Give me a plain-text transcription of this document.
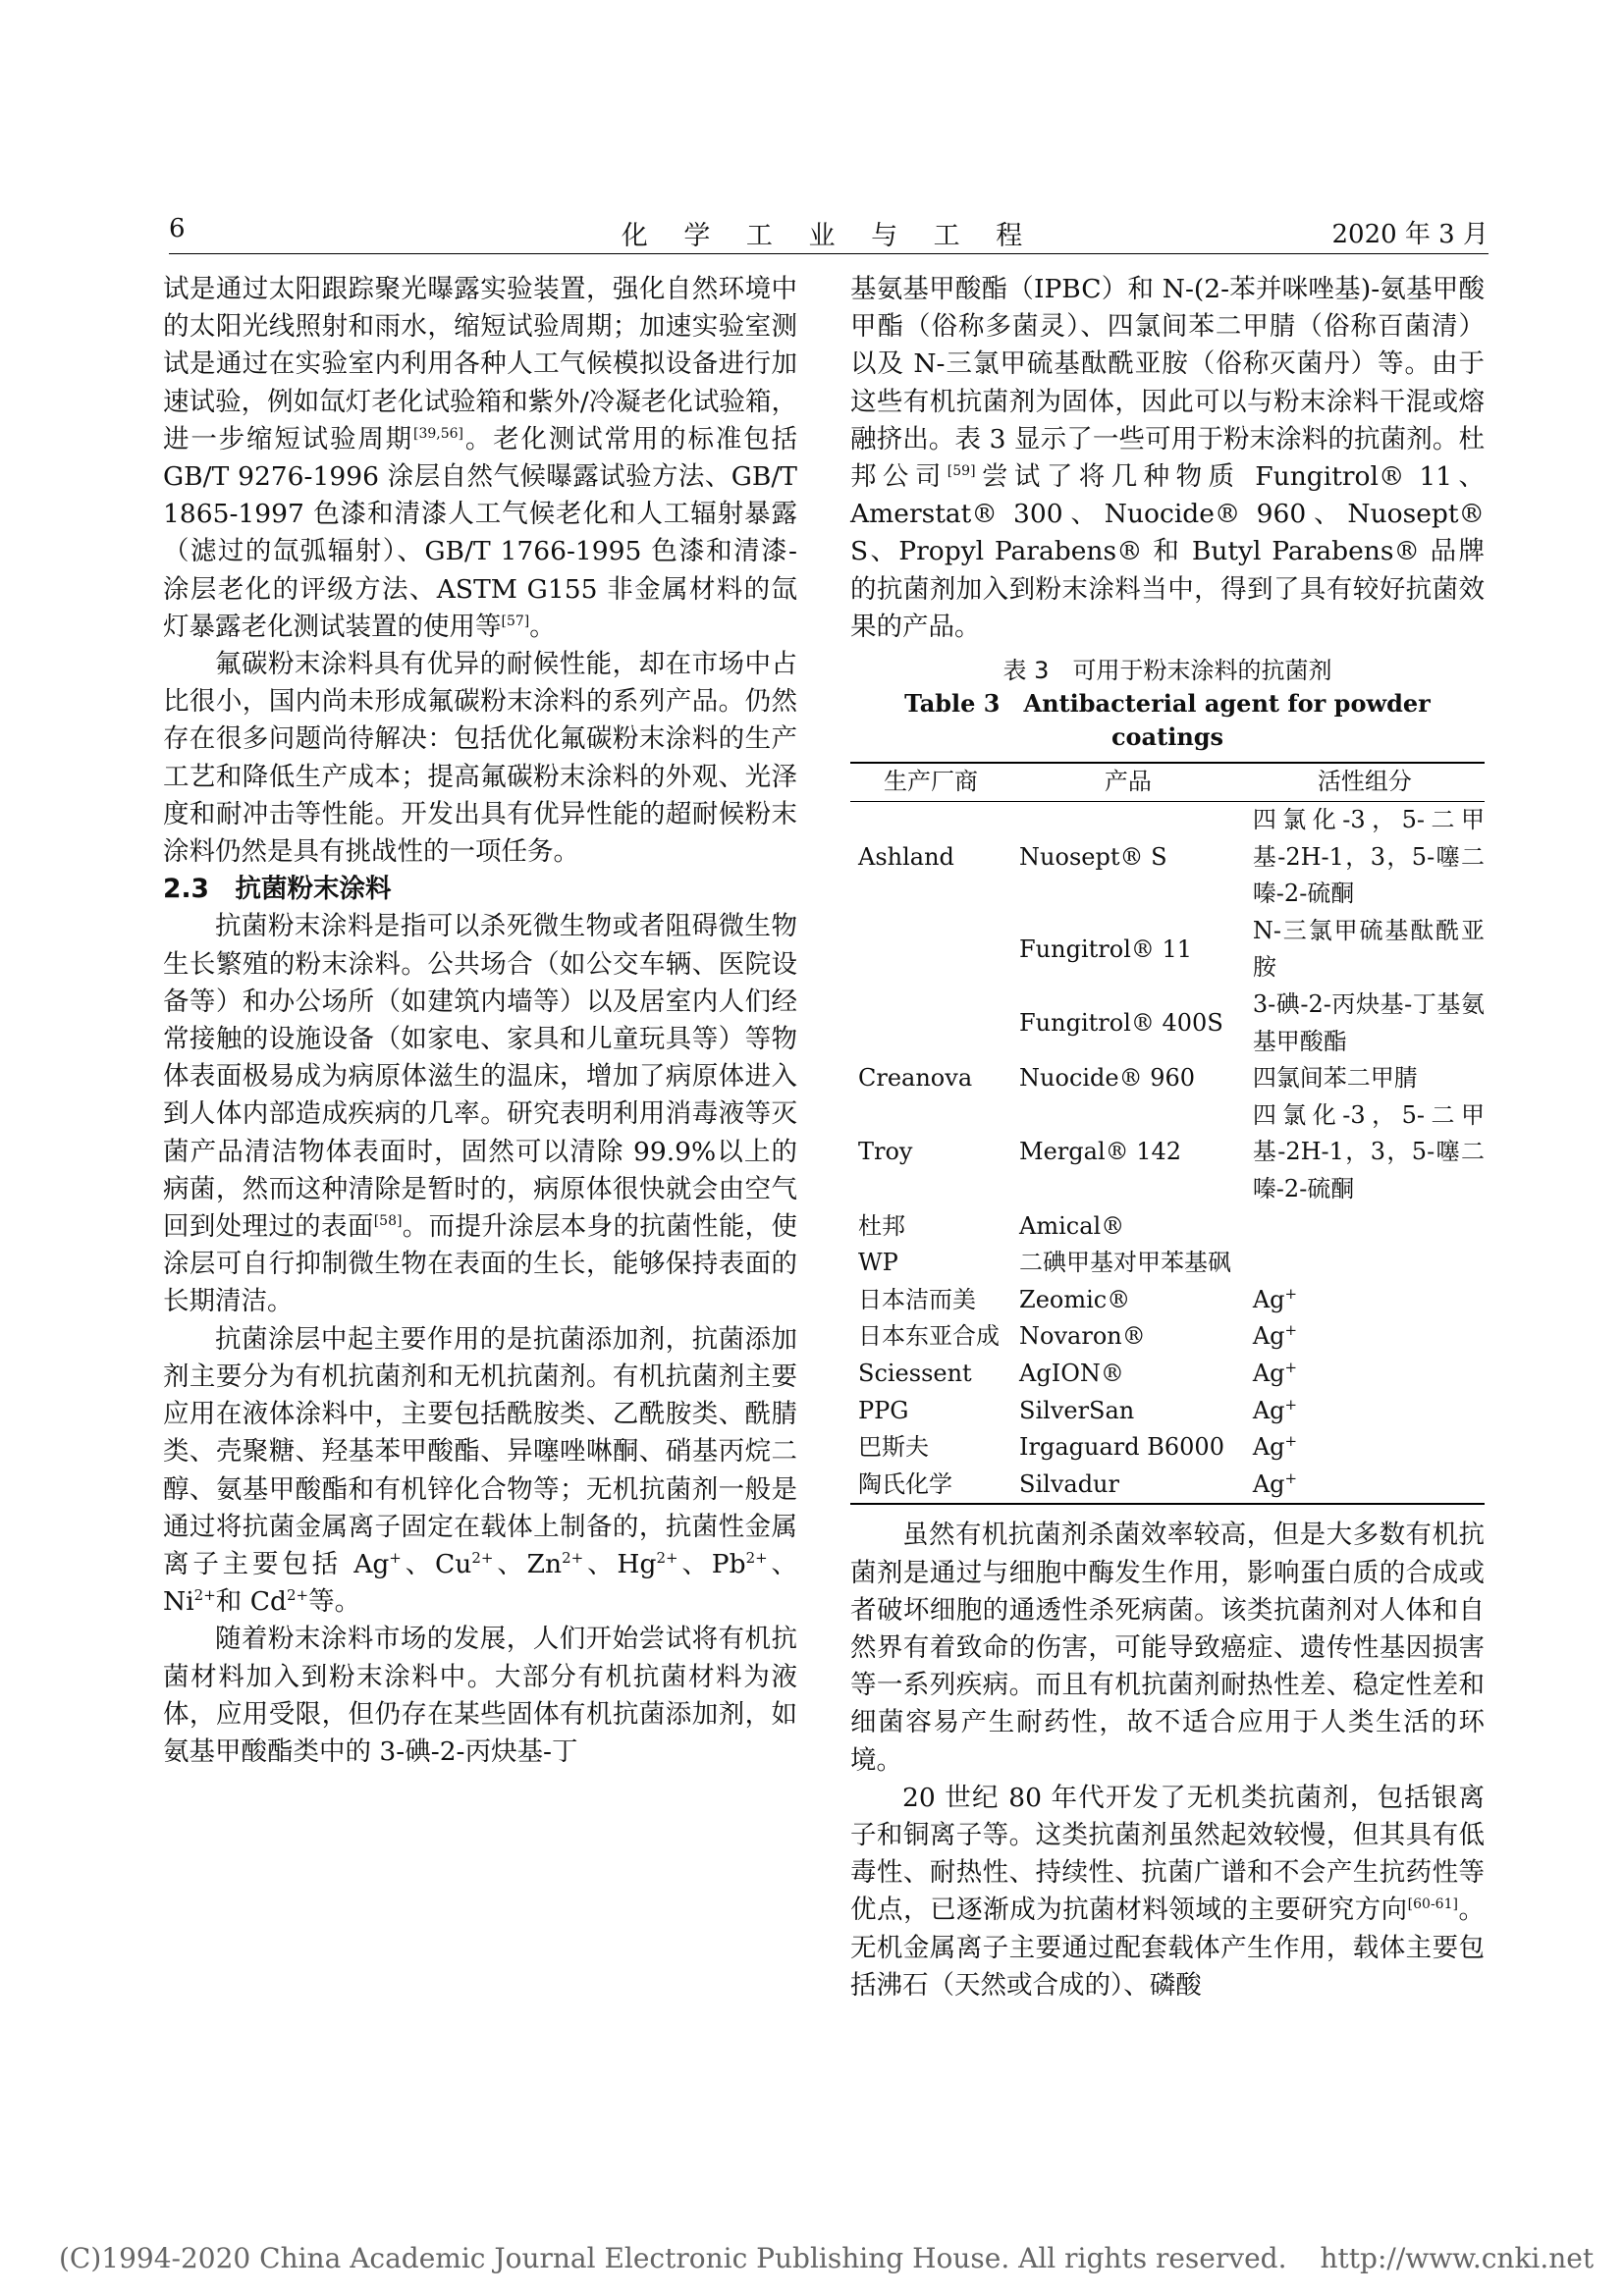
6	化 学 工 业 与 工 程	2020 年 3 月

试是通过太阳跟踪聚光曝露实验装置，强化自然环境中的太阳光线照射和雨水，缩短试验周期；加速实验室测试是通过在实验室内利用各种人工气候模拟设备进行加速试验，例如氙灯老化试验箱和紫外/冷凝老化试验箱，进一步缩短试验周期[39,56]。老化测试常用的标准包括 GB/T 9276-1996 涂层自然气候曝露试验方法、GB/T 1865-1997 色漆和清漆人工气候老化和人工辐射暴露（滤过的氙弧辐射）、GB/T 1766-1995 色漆和清漆-涂层老化的评级方法、ASTM G155 非金属材料的氙灯暴露老化测试装置的使用等[57]。

氟碳粉末涂料具有优异的耐候性能，却在市场中占比很小，国内尚未形成氟碳粉末涂料的系列产品。仍然存在很多问题尚待解决：包括优化氟碳粉末涂料的生产工艺和降低生产成本；提高氟碳粉末涂料的外观、光泽度和耐冲击等性能。开发出具有优异性能的超耐候粉末涂料仍然是具有挑战性的一项任务。

2.3　抗菌粉末涂料

抗菌粉末涂料是指可以杀死微生物或者阻碍微生物生长繁殖的粉末涂料。公共场合（如公交车辆、医院设备等）和办公场所（如建筑内墙等）以及居室内人们经常接触的设施设备（如家电、家具和儿童玩具等）等物体表面极易成为病原体滋生的温床，增加了病原体进入到人体内部造成疾病的几率。研究表明利用消毒液等灭菌产品清洁物体表面时，固然可以清除 99.9%以上的病菌，然而这种清除是暂时的，病原体很快就会由空气回到处理过的表面[58]。而提升涂层本身的抗菌性能，使涂层可自行抑制微生物在表面的生长，能够保持表面的长期清洁。

抗菌涂层中起主要作用的是抗菌添加剂，抗菌添加剂主要分为有机抗菌剂和无机抗菌剂。有机抗菌剂主要应用在液体涂料中，主要包括酰胺类、乙酰胺类、酰腈类、壳聚糖、羟基苯甲酸酯、异噻唑啉酮、硝基丙烷二醇、氨基甲酸酯和有机锌化合物等；无机抗菌剂一般是通过将抗菌金属离子固定在载体上制备的，抗菌性金属离子主要包括 Ag+、$Cu^{2+}$、$Zn^{2+}$、$Hg^{2+}$、$Pb^{2+}$、$Ni^{2+}$和 $Cd^{2+}$等。

随着粉末涂料市场的发展，人们开始尝试将有机抗菌材料加入到粉末涂料中。大部分有机抗菌材料为液体，应用受限，但仍存在某些固体有机抗菌添加剂，如氨基甲酸酯类中的 3-碘-2-丙炔基-丁

基氨基甲酸酯（IPBC）和 N-(2-苯并咪唑基)-氨基甲酸甲酯（俗称多菌灵）、四氯间苯二甲腈（俗称百菌清）以及 N-三氯甲硫基酞酰亚胺（俗称灭菌丹）等。由于这些有机抗菌剂为固体，因此可以与粉末涂料干混或熔融挤出。表 3 显示了一些可用于粉末涂料的抗菌剂。杜邦公司[59]尝试了将几种物质 Fungitrol® 11、Amerstat® 300、Nuocide® 960、Nuosept® S、Propyl Parabens® 和 Butyl Parabens® 品牌的抗菌剂加入到粉末涂料当中，得到了具有较好抗菌效果的产品。

表 3　可用于粉末涂料的抗菌剂
Table 3　Antibacterial agent for powder coatings
生产厂商	产品	活性组分
Ashland	Nuosept® S	四氯化-3，5-二甲基-2H-1，3，5-噻二嗪-2-硫酮
	Fungitrol® 11	N-三氯甲硫基酞酰亚胺
	Fungitrol® 400S	3-碘-2-丙炔基-丁基氨基甲酸酯
Creanova	Nuocide® 960	四氯间苯二甲腈
Troy	Mergal® 142	四氯化-3，5-二甲基-2H-1，3，5-噻二嗪-2-硫酮
杜邦	Amical®	
WP	二碘甲基对甲苯基砜	
日本洁而美	Zeomic®	Ag+
日本东亚合成	Novaron®	Ag+
Sciessent	AgION®	Ag+
PPG	SilverSan	Ag+
巴斯夫	Irgaguard B6000	Ag+
陶氏化学	Silvadur	Ag+

虽然有机抗菌剂杀菌效率较高，但是大多数有机抗菌剂是通过与细胞中酶发生作用，影响蛋白质的合成或者破坏细胞的通透性杀死病菌。该类抗菌剂对人体和自然界有着致命的伤害，可能导致癌症、遗传性基因损害等一系列疾病。而且有机抗菌剂耐热性差、稳定性差和细菌容易产生耐药性，故不适合应用于人类生活的环境。

20 世纪 80 年代开发了无机类抗菌剂，包括银离子和铜离子等。这类抗菌剂虽然起效较慢，但其具有低毒性、耐热性、持续性、抗菌广谱和不会产生抗药性等优点，已逐渐成为抗菌材料领域的主要研究方向[60-61]。无机金属离子主要通过配套载体产生作用，载体主要包括沸石（天然或合成的）、磷酸

(C)1994-2020 China Academic Journal Electronic Publishing House. All rights reserved. http://www.cnki.net
